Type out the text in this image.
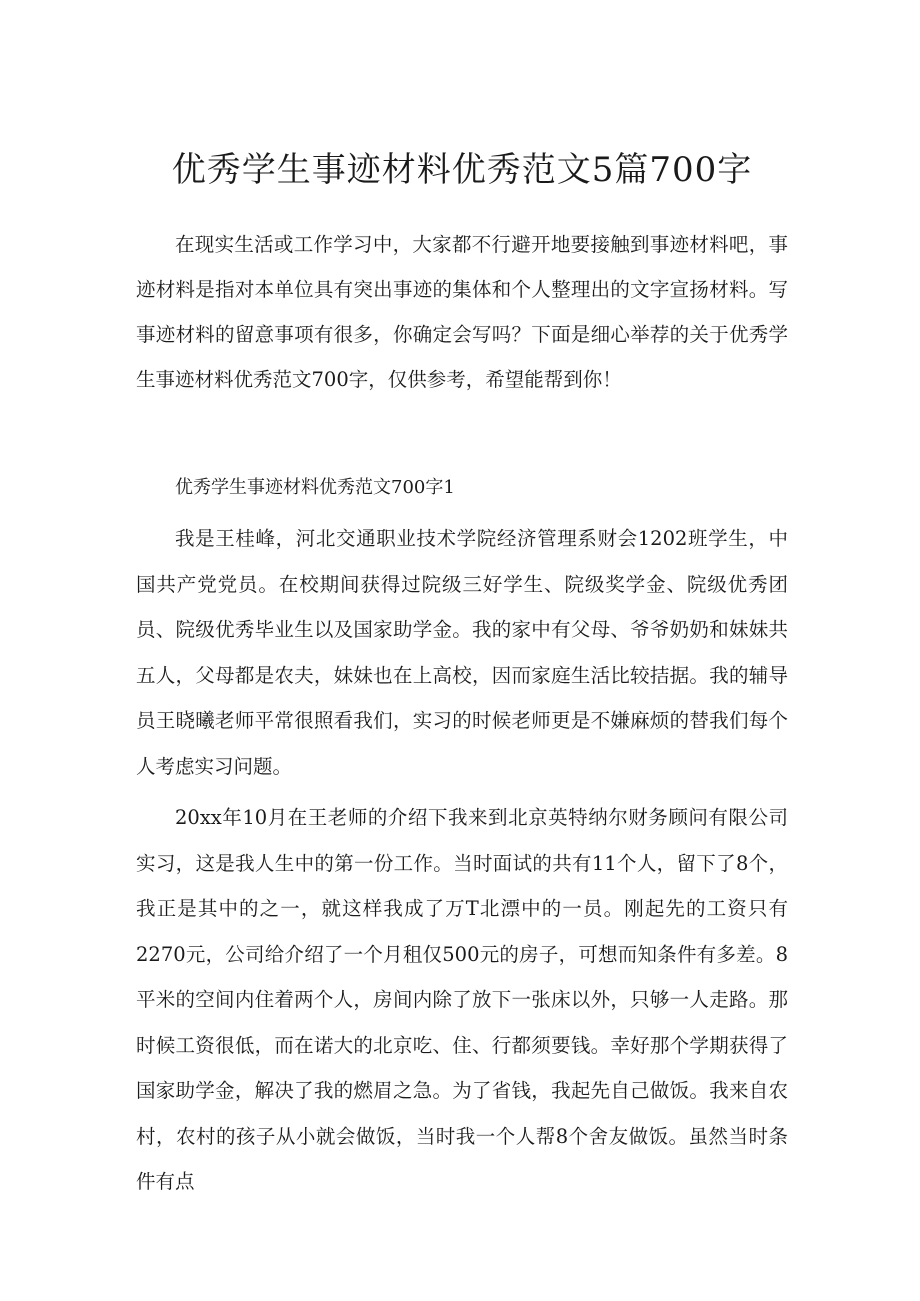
优秀学生事迹材料优秀范文5篇700字

在现实生活或工作学习中，大家都不行避开地要接触到事迹材料吧，事迹材料是指对本单位具有突出事迹的集体和个人整理出的文字宣扬材料。写事迹材料的留意事项有很多，你确定会写吗？下面是细心举荐的关于优秀学生事迹材料优秀范文700字，仅供参考，希望能帮到你！

优秀学生事迹材料优秀范文700字1

我是王桂峰，河北交通职业技术学院经济管理系财会1202班学生，中国共产党党员。在校期间获得过院级三好学生、院级奖学金、院级优秀团员、院级优秀毕业生以及国家助学金。我的家中有父母、爷爷奶奶和妹妹共五人，父母都是农夫，妹妹也在上高校，因而家庭生活比较拮据。我的辅导员王晓曦老师平常很照看我们，实习的时候老师更是不嫌麻烦的替我们每个人考虑实习问题。

20xx年10月在王老师的介绍下我来到北京英特纳尔财务顾问有限公司实习，这是我人生中的第一份工作。当时面试的共有11个人，留下了8个，我正是其中的之一，就这样我成了万T北漂中的一员。刚起先的工资只有2270元，公司给介绍了一个月租仅500元的房子，可想而知条件有多差。8平米的空间内住着两个人，房间内除了放下一张床以外，只够一人走路。那时候工资很低，而在诺大的北京吃、住、行都须要钱。幸好那个学期获得了国家助学金，解决了我的燃眉之急。为了省钱，我起先自己做饭。我来自农村，农村的孩子从小就会做饭，当时我一个人帮8个舍友做饭。虽然当时条件有点
